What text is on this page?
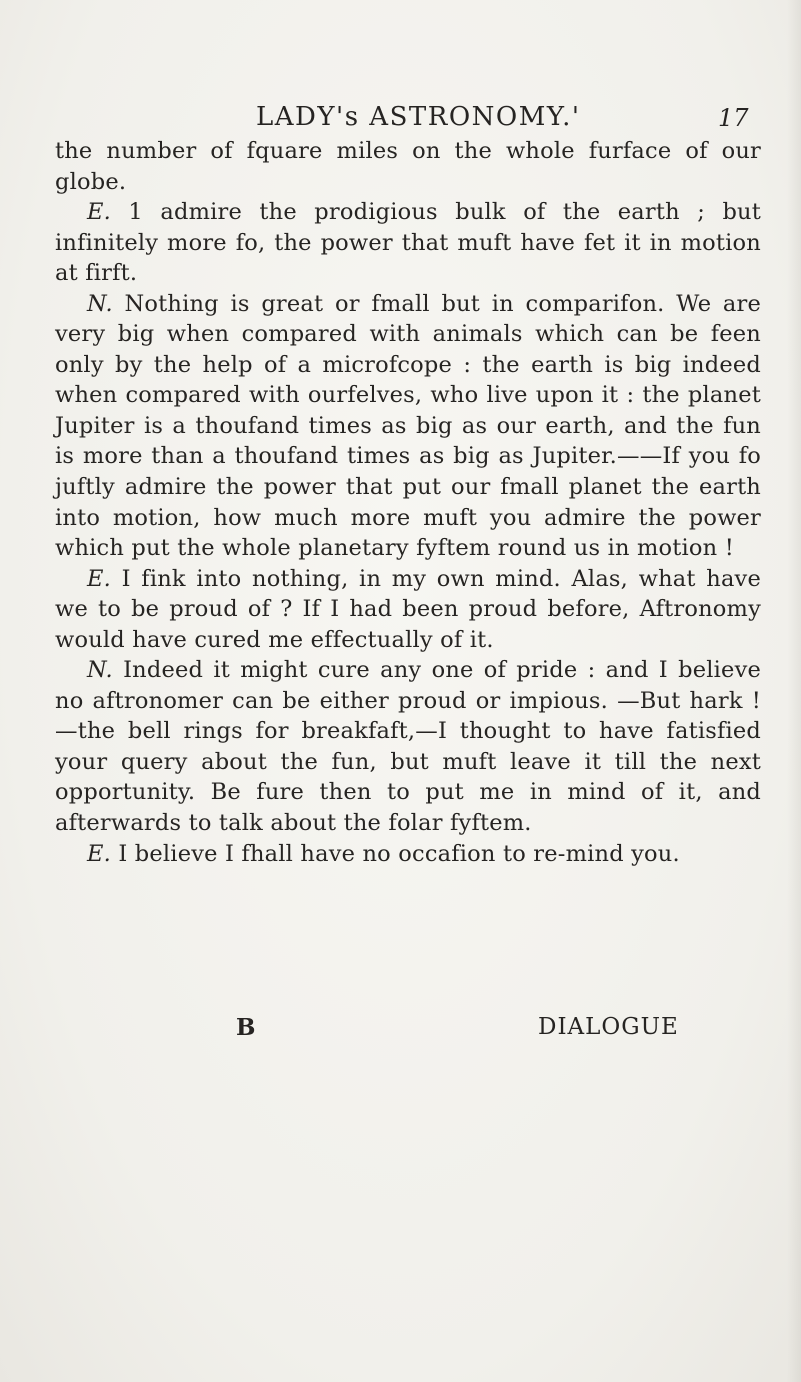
LADY's ASTRONOMY.'	17

the number of fquare miles on the whole furface of our globe.

E. 1 admire the prodigious bulk of the earth ; but infinitely more fo, the power that muft have fet it in motion at firft.

N. Nothing is great or fmall but in comparifon. We are very big when compared with animals which can be feen only by the help of a microfcope : the earth is big indeed when compared with ourfelves, who live upon it : the planet Jupiter is a thoufand times as big as our earth, and the fun is more than a thoufand times as big as Jupiter.——If you fo juftly admire the power that put our fmall planet the earth into motion, how much more muft you admire the power which put the whole planetary fyftem round us in motion !

E. I fink into nothing, in my own mind. Alas, what have we to be proud of ? If I had been proud before, Aftronomy would have cured me effectually of it.

N. Indeed it might cure any one of pride : and I believe no aftronomer can be either proud or impious. —But hark !—the bell rings for breakfaft,—I thought to have fatisfied your query about the fun, but muft leave it till the next opportunity. Be fure then to put me in mind of it, and afterwards to talk about the folar fyftem.

E. I believe I fhall have no occafion to re-mind you.

B	DIALOGUE
